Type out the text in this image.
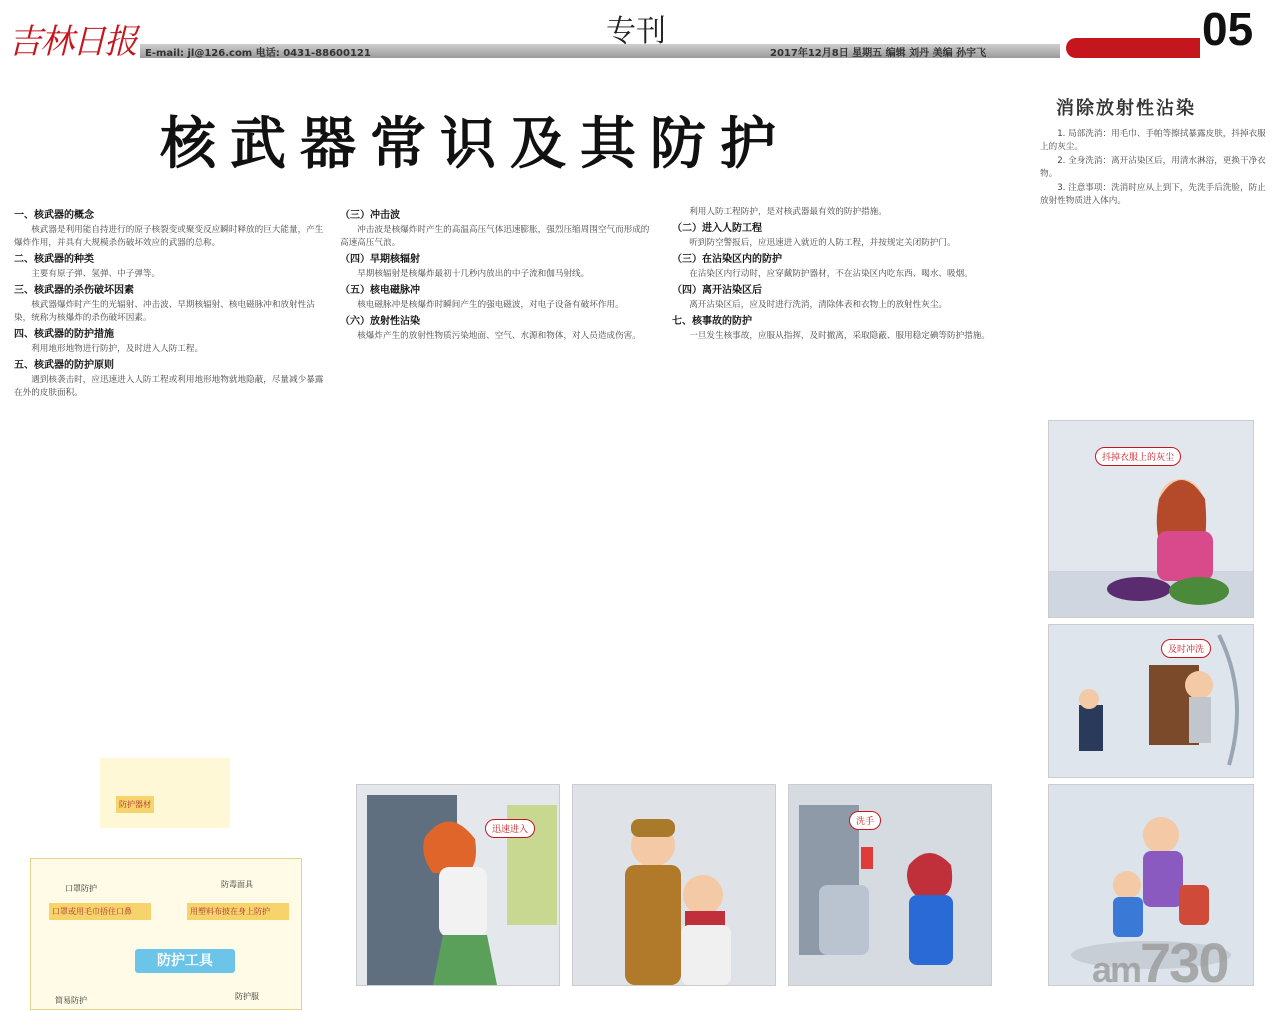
吉林日报 E-mail: jl@126.com 电话: 0431-88600121
专刊
2017年12月8日 星期五 编辑 刘丹 美编 孙宇飞	05
核武器常识及其防护
一、核武器的概念

核武器是利用能自持进行的原子核裂变或聚变反应瞬时释放的巨大能量，产生爆炸作用，并具有大规模杀伤破坏效应的武器的总称。

二、核武器的种类

主要有原子弹、氢弹、中子弹等。

三、核武器的杀伤破坏因素

核武器爆炸时产生的光辐射、冲击波、早期核辐射、核电磁脉冲和放射性沾染，统称为核爆炸的杀伤破坏因素。

四、核武器的防护措施

利用地形地物进行防护，及时进入人防工程。

五、核武器的防护原则

遇到核袭击时，应迅速进入人防工程或利用地形地物就地隐蔽，尽量减少暴露在外的皮肤面积。

（三）冲击波

冲击波是核爆炸时产生的高温高压气体迅速膨胀，强烈压缩周围空气而形成的高速高压气浪。

（四）早期核辐射

早期核辐射是核爆炸最初十几秒内放出的中子流和伽马射线。

（五）核电磁脉冲

核电磁脉冲是核爆炸时瞬间产生的强电磁波，对电子设备有破坏作用。

（六）放射性沾染

核爆炸产生的放射性物质污染地面、空气、水源和物体，对人员造成伤害。

利用人防工程防护，是对核武器最有效的防护措施。

（二）进入人防工程

听到防空警报后，应迅速进入就近的人防工程，并按规定关闭防护门。

（三）在沾染区内的防护

在沾染区内行动时，应穿戴防护器材，不在沾染区内吃东西、喝水、吸烟。

（四）离开沾染区后

离开沾染区后，应及时进行洗消，清除体表和衣物上的放射性灰尘。

七、核事故的防护

一旦发生核事故，应服从指挥，及时撤离，采取隐蔽、服用稳定碘等防护措施。

消除放射性沾染

1. 局部洗消：用毛巾、手帕等擦拭暴露皮肤，抖掉衣服上的灰尘。

2. 全身洗消：离开沾染区后，用清水淋浴，更换干净衣物。

3. 注意事项：洗消时应从上到下，先洗手后洗脸，防止放射性物质进入体内。

抖掉衣服上的灰尘
及时冲洗
迅速进入
洗手
防护器材
口罩防护	防毒面具
口罩或用毛巾捂住口鼻	用塑料布披在身上防护
防护工具
简易防护	防护服
am730
